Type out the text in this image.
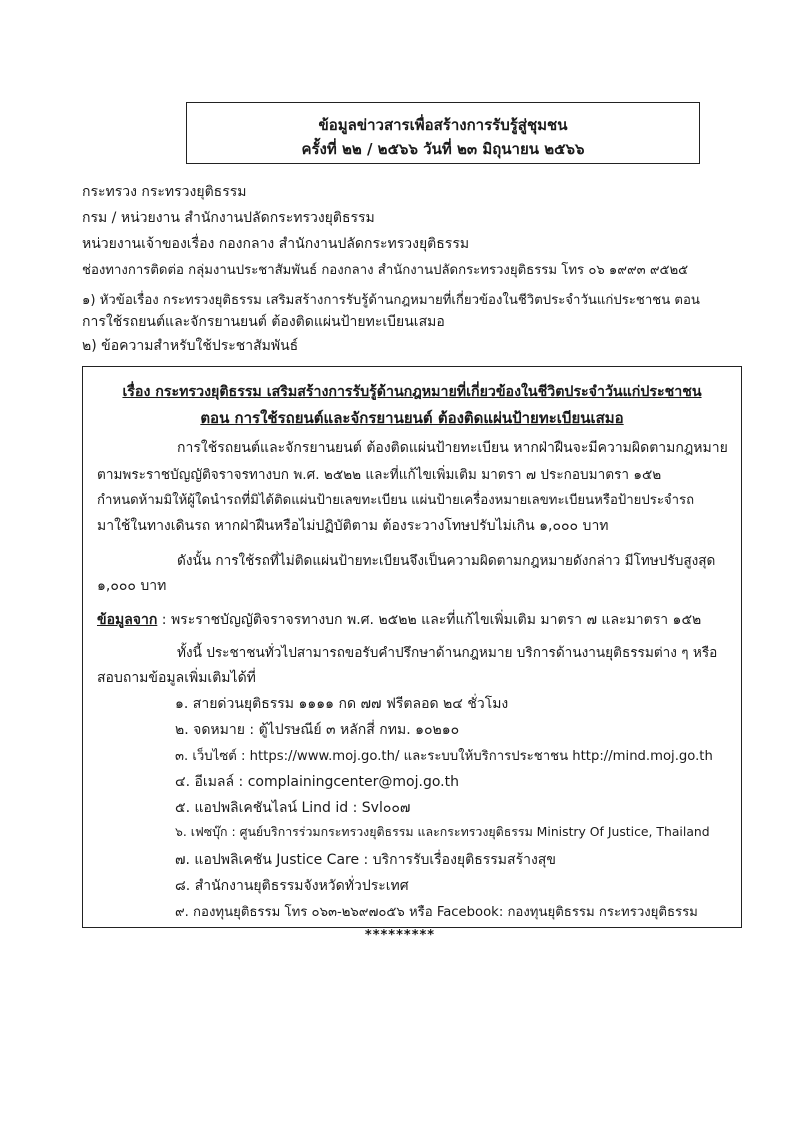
ข้อมูลข่าวสารเพื่อสร้างการรับรู้สู่ชุมชน
ครั้งที่ ๒๒ / ๒๕๖๖ วันที่ ๒๓ มิถุนายน ๒๕๖๖
กระทรวง กระทรวงยุติธรรม
กรม / หน่วยงาน สำนักงานปลัดกระทรวงยุติธรรม
หน่วยงานเจ้าของเรื่อง กองกลาง สำนักงานปลัดกระทรวงยุติธรรม
ช่องทางการติดต่อ กลุ่มงานประชาสัมพันธ์ กองกลาง สำนักงานปลัดกระทรวงยุติธรรม โทร ๐๖ ๑๙๙๓ ๙๕๒๕
๑) หัวข้อเรื่อง กระทรวงยุติธรรม เสริมสร้างการรับรู้ด้านกฎหมายที่เกี่ยวข้องในชีวิตประจำวันแก่ประชาชน ตอน
การใช้รถยนต์และจักรยานยนต์ ต้องติดแผ่นป้ายทะเบียนเสมอ
๒) ข้อความสำหรับใช้ประชาสัมพันธ์
เรื่อง กระทรวงยุติธรรม เสริมสร้างการรับรู้ด้านกฎหมายที่เกี่ยวข้องในชีวิตประจำวันแก่ประชาชน
ตอน การใช้รถยนต์และจักรยานยนต์ ต้องติดแผ่นป้ายทะเบียนเสมอ
การใช้รถยนต์และจักรยานยนต์ ต้องติดแผ่นป้ายทะเบียน หากฝ่าฝืนจะมีความผิดตามกฎหมาย
ตามพระราชบัญญัติจราจรทางบก พ.ศ. ๒๕๒๒ และที่แก้ไขเพิ่มเติม มาตรา ๗ ประกอบมาตรา ๑๕๒
กำหนดห้ามมิให้ผู้ใดนำรถที่มิได้ติดแผ่นป้ายเลขทะเบียน แผ่นป้ายเครื่องหมายเลขทะเบียนหรือป้ายประจำรถ
มาใช้ในทางเดินรถ หากฝ่าฝืนหรือไม่ปฏิบัติตาม ต้องระวางโทษปรับไม่เกิน ๑,๐๐๐ บาท
ดังนั้น การใช้รถที่ไม่ติดแผ่นป้ายทะเบียนจึงเป็นความผิดตามกฎหมายดังกล่าว มีโทษปรับสูงสุด
๑,๐๐๐ บาท
ข้อมูลจาก : พระราชบัญญัติจราจรทางบก พ.ศ. ๒๕๒๒ และที่แก้ไขเพิ่มเติม มาตรา ๗ และมาตรา ๑๕๒
ทั้งนี้ ประชาชนทั่วไปสามารถขอรับคำปรึกษาด้านกฎหมาย บริการด้านงานยุติธรรมต่าง ๆ หรือ
สอบถามข้อมูลเพิ่มเติมได้ที่
๑. สายด่วนยุติธรรม ๑๑๑๑ กด ๗๗ ฟรีตลอด ๒๔ ชั่วโมง
๒. จดหมาย : ตู้ไปรษณีย์ ๓ หลักสี่ กทม. ๑๐๒๑๐
๓. เว็บไซต์ : https://www.moj.go.th/ และระบบให้บริการประชาชน http://mind.moj.go.th
๔. อีเมลล์ : complainingcenter@moj.go.th
๕. แอปพลิเคชันไลน์ Lind id : Svl๐๐๗
๖. เฟซบุ๊ก : ศูนย์บริการร่วมกระทรวงยุติธรรม และกระทรวงยุติธรรม Ministry Of Justice, Thailand
๗. แอปพลิเคชัน Justice Care : บริการรับเรื่องยุติธรรมสร้างสุข
๘. สำนักงานยุติธรรมจังหวัดทั่วประเทศ
๙. กองทุนยุติธรรม โทร ๐๖๓-๒๖๙๗๐๕๖ หรือ Facebook: กองทุนยุติธรรม กระทรวงยุติธรรม
*********
